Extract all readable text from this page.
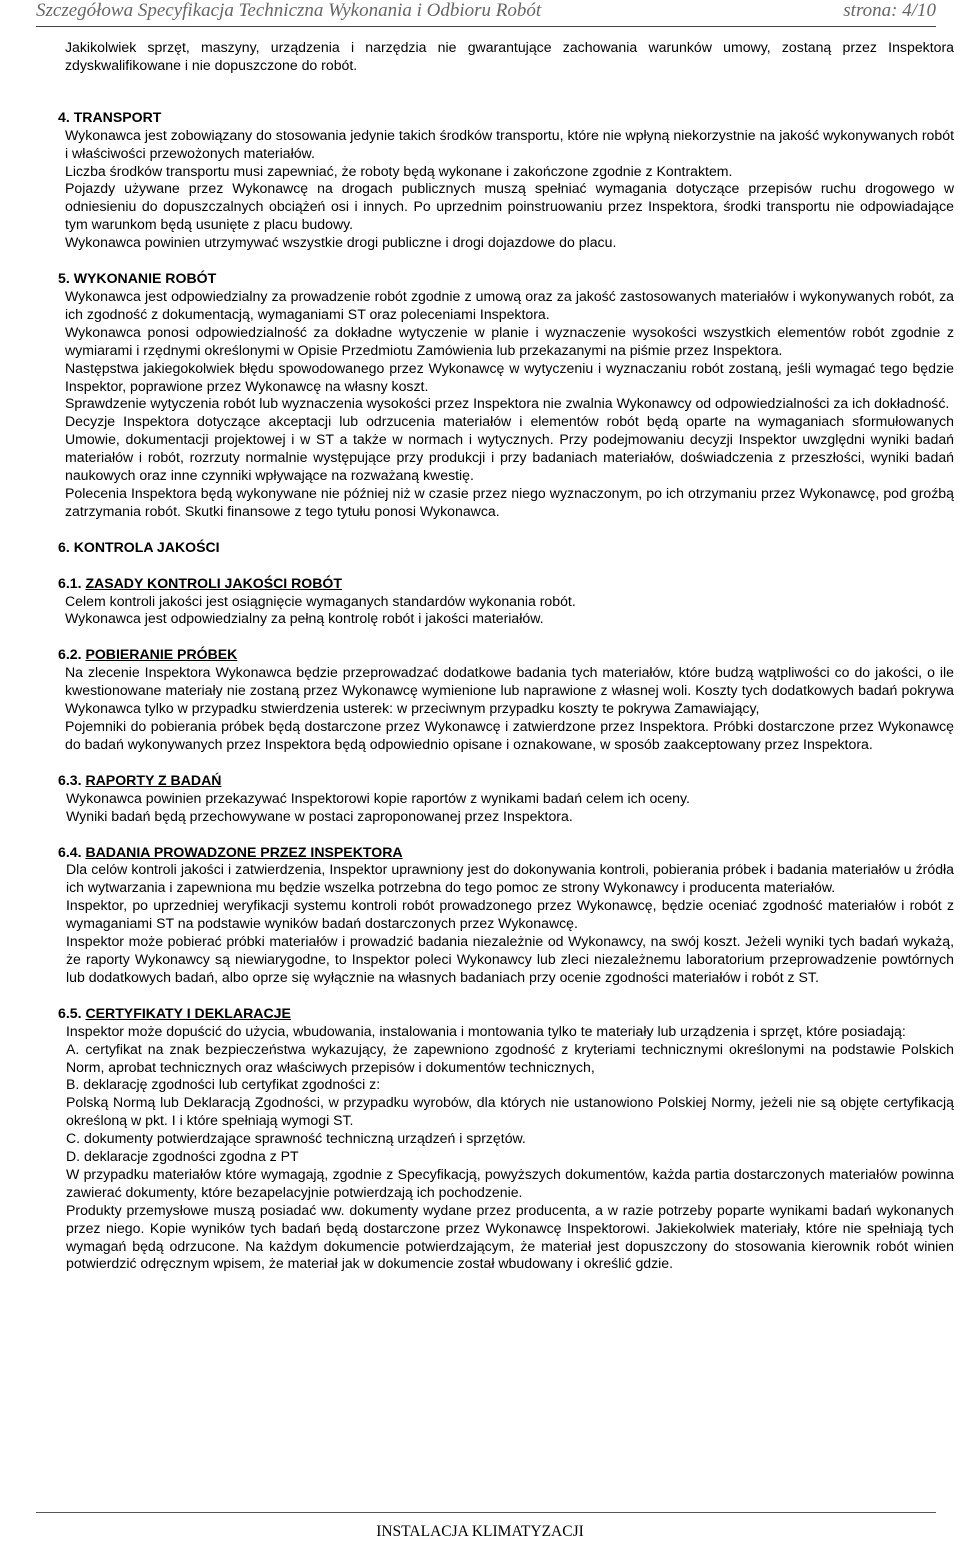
Szczegółowa Specyfikacja Techniczna Wykonania i Odbioru Robót	strona: 4/10

Jakikolwiek sprzęt, maszyny, urządzenia i narzędzia nie gwarantujące zachowania warunków umowy, zostaną przez Inspektora zdyskwalifikowane i nie dopuszczone do robót.

4. TRANSPORT

Wykonawca jest zobowiązany do stosowania jedynie takich środków transportu, które nie wpłyną niekorzystnie na jakość wykonywanych robót i właściwości przewożonych materiałów.

Liczba środków transportu musi zapewniać, że roboty będą wykonane i zakończone zgodnie z Kontraktem.

Pojazdy używane przez Wykonawcę na drogach publicznych muszą spełniać wymagania dotyczące przepisów ruchu drogowego w odniesieniu do dopuszczalnych obciążeń osi i innych. Po uprzednim poinstruowaniu przez Inspektora, środki transportu nie odpowiadające tym warunkom będą usunięte z placu budowy.

Wykonawca powinien utrzymywać wszystkie drogi publiczne i drogi dojazdowe do placu.

5. WYKONANIE ROBÓT

Wykonawca jest odpowiedzialny za prowadzenie robót zgodnie z umową oraz za jakość zastosowanych materiałów i wykonywanych robót, za ich zgodność z dokumentacją, wymaganiami ST oraz poleceniami Inspektora.

Wykonawca ponosi odpowiedzialność za dokładne wytyczenie w planie i wyznaczenie wysokości wszystkich elementów robót zgodnie z wymiarami i rzędnymi określonymi w Opisie Przedmiotu Zamówienia lub przekazanymi na piśmie przez Inspektora.

Następstwa jakiegokolwiek błędu spowodowanego przez Wykonawcę w wytyczeniu i wyznaczaniu robót zostaną, jeśli wymagać tego będzie Inspektor, poprawione przez Wykonawcę na własny koszt.

Sprawdzenie wytyczenia robót lub wyznaczenia wysokości przez Inspektora nie zwalnia Wykonawcy od odpowiedzialności za ich dokładność.

Decyzje Inspektora dotyczące akceptacji lub odrzucenia materiałów i elementów robót będą oparte na wymaganiach sformułowanych Umowie, dokumentacji projektowej i w ST a także w normach i wytycznych. Przy podejmowaniu decyzji Inspektor uwzględni wyniki badań materiałów i robót, rozrzuty normalnie występujące przy produkcji i przy badaniach materiałów, doświadczenia z przeszłości, wyniki badań naukowych oraz inne czynniki wpływające na rozważaną kwestię.

Polecenia Inspektora będą wykonywane nie później niż w czasie przez niego wyznaczonym, po ich otrzymaniu przez Wykonawcę, pod groźbą zatrzymania robót. Skutki finansowe z tego tytułu ponosi Wykonawca.

6. KONTROLA JAKOŚCI

6.1. ZASADY KONTROLI JAKOŚCI ROBÓT

Celem kontroli jakości jest osiągnięcie wymaganych standardów wykonania robót.

Wykonawca jest odpowiedzialny za pełną kontrolę robót i jakości materiałów.

6.2. POBIERANIE PRÓBEK

Na zlecenie Inspektora Wykonawca będzie przeprowadzać dodatkowe badania tych materiałów, które budzą wątpliwości co do jakości, o ile kwestionowane materiały nie zostaną przez Wykonawcę wymienione lub naprawione z własnej woli. Koszty tych dodatkowych badań pokrywa Wykonawca tylko w przypadku stwierdzenia usterek: w przeciwnym przypadku koszty te pokrywa Zamawiający,

Pojemniki do pobierania próbek będą dostarczone przez Wykonawcę i zatwierdzone przez Inspektora. Próbki dostarczone przez Wykonawcę do badań wykonywanych przez Inspektora będą odpowiednio opisane i oznakowane, w sposób zaakceptowany przez Inspektora.

6.3. RAPORTY Z BADAŃ

Wykonawca powinien przekazywać Inspektorowi kopie raportów z wynikami badań celem ich oceny.

Wyniki badań będą przechowywane w postaci zaproponowanej przez Inspektora.

6.4. BADANIA PROWADZONE PRZEZ INSPEKTORA

Dla celów kontroli jakości i zatwierdzenia, Inspektor uprawniony jest do dokonywania kontroli, pobierania próbek i badania materiałów u źródła ich wytwarzania i zapewniona mu będzie wszelka potrzebna do tego pomoc ze strony Wykonawcy i producenta materiałów.

Inspektor, po uprzedniej weryfikacji systemu kontroli robót prowadzonego przez Wykonawcę, będzie oceniać zgodność materiałów i robót z wymaganiami ST na podstawie wyników badań dostarczonych przez Wykonawcę.

Inspektor może pobierać próbki materiałów i prowadzić badania niezależnie od Wykonawcy, na swój koszt. Jeżeli wyniki tych badań wykażą, że raporty Wykonawcy są niewiarygodne, to Inspektor poleci Wykonawcy lub zleci niezależnemu laboratorium przeprowadzenie powtórnych lub dodatkowych badań, albo oprze się wyłącznie na własnych badaniach przy ocenie zgodności materiałów i robót z ST.

6.5. CERTYFIKATY I DEKLARACJE

Inspektor może dopuścić do użycia, wbudowania, instalowania i montowania tylko te materiały lub urządzenia i sprzęt, które posiadają:

A. certyfikat na znak bezpieczeństwa wykazujący, że zapewniono zgodność z kryteriami technicznymi określonymi na podstawie Polskich Norm, aprobat technicznych oraz właściwych przepisów i dokumentów technicznych,

B. deklarację zgodności lub certyfikat zgodności z:

Polską Normą lub Deklaracją Zgodności, w przypadku wyrobów, dla których nie ustanowiono Polskiej Normy, jeżeli nie są objęte certyfikacją określoną w pkt. I i które spełniają wymogi ST.

C. dokumenty potwierdzające sprawność techniczną urządzeń i sprzętów.

D. deklaracje zgodności zgodna z PT

W przypadku materiałów które wymagają, zgodnie z Specyfikacją, powyższych dokumentów, każda partia dostarczonych materiałów powinna zawierać dokumenty, które bezapelacyjnie potwierdzają ich pochodzenie.

Produkty przemysłowe muszą posiadać ww. dokumenty wydane przez producenta, a w razie potrzeby poparte wynikami badań wykonanych przez niego. Kopie wyników tych badań będą dostarczone przez Wykonawcę Inspektorowi. Jakiekolwiek materiały, które nie spełniają tych wymagań będą odrzucone. Na każdym dokumencie potwierdzającym, że materiał jest dopuszczony do stosowania kierownik robót winien potwierdzić odręcznym wpisem, że materiał jak w dokumencie został wbudowany i określić gdzie.

INSTALACJA KLIMATYZACJI
